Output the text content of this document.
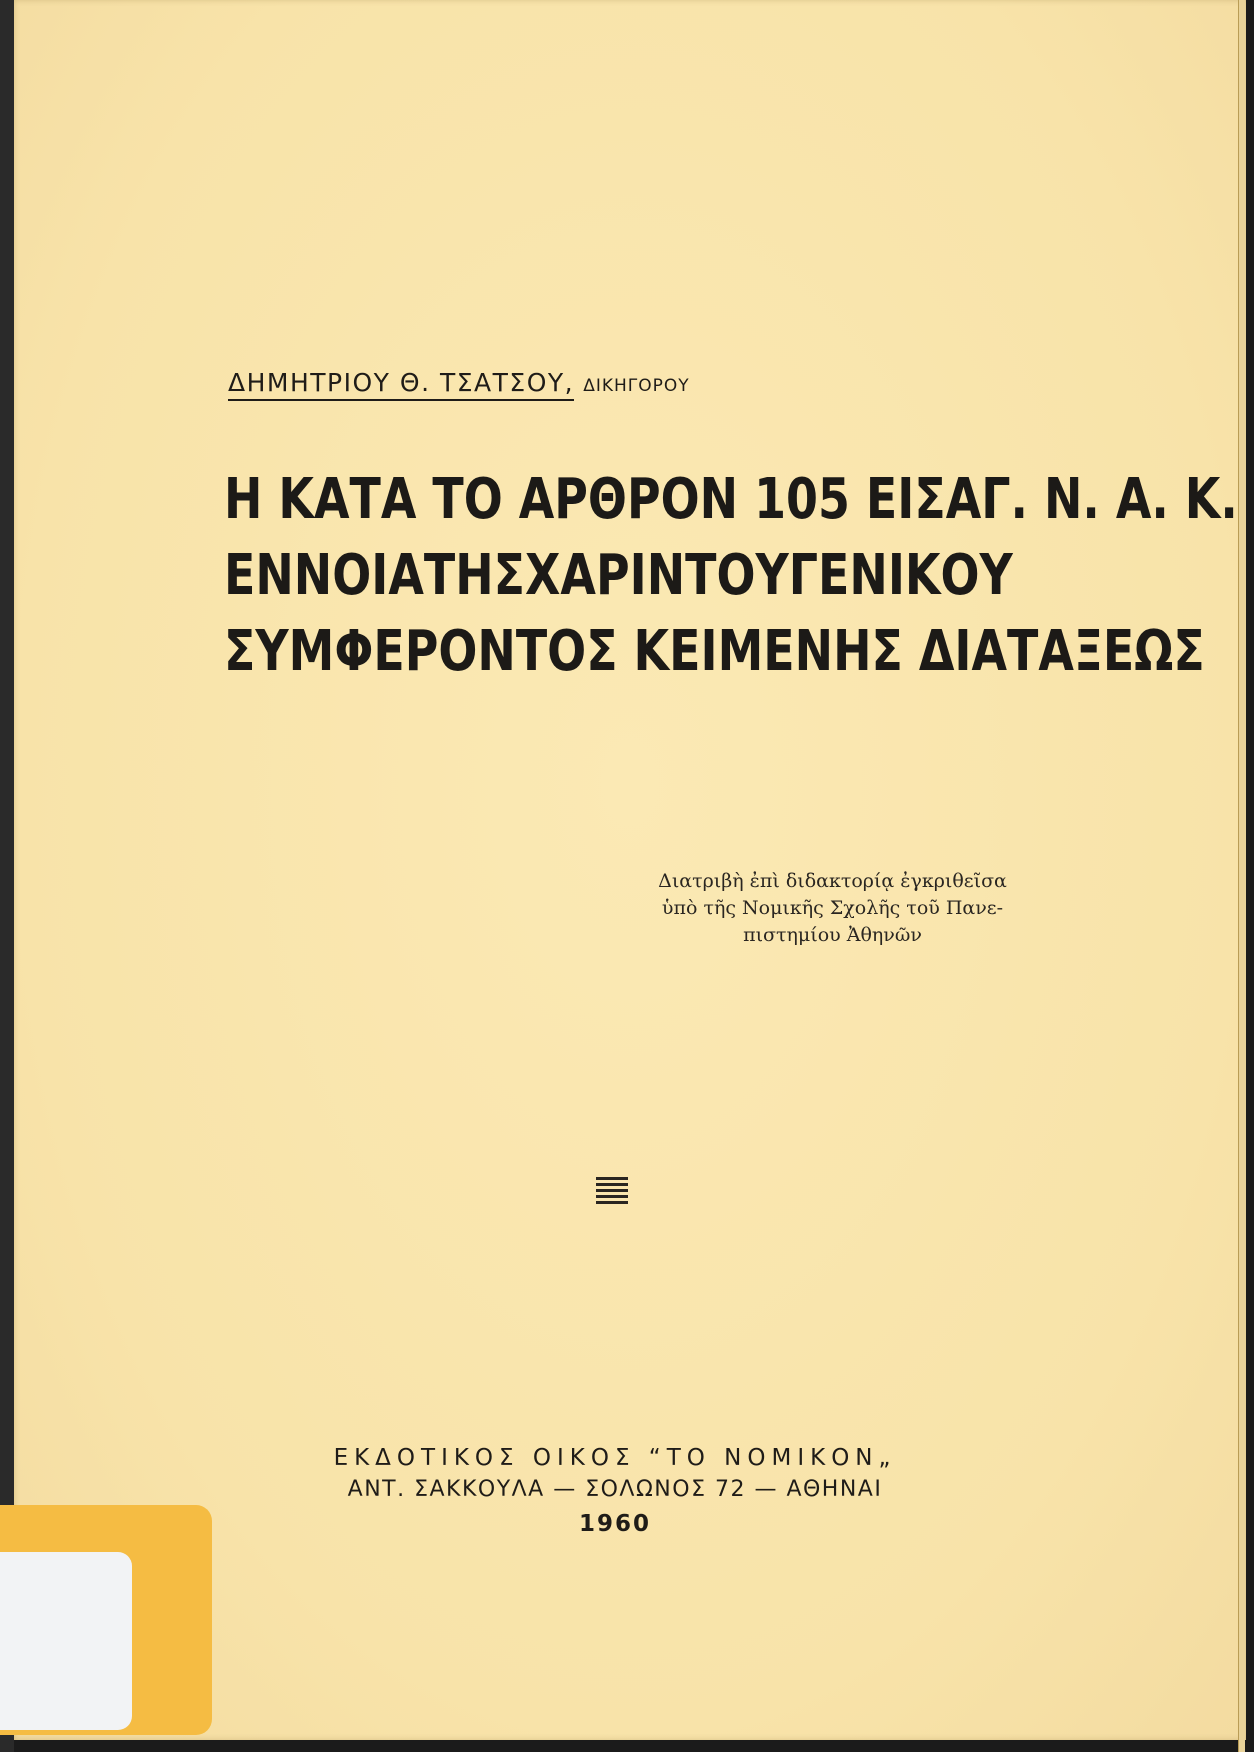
ΔΗΜΗΤΡΙΟΥ Θ. ΤΣΑΤΣΟΥ, ΔΙΚΗΓΟΡΟΥ
Η ΚΑΤΑ ΤΟ ΑΡΘΡΟΝ 105 ΕΙΣΑΓ. Ν. Α. Κ.
ΕΝΝΟΙΑ ΤΗΣ ΧΑΡΙΝ ΤΟΥ ΓΕΝΙΚΟΥ
ΣΥΜΦΕΡΟΝΤΟΣ ΚΕΙΜΕΝΗΣ ΔΙΑΤΑΞΕΩΣ
Διατριβὴ ἐπὶ διδακτορίᾳ ἐγκριθεῖσα
ὑπὸ τῆς Νομικῆς Σχολῆς τοῦ Πανε-
πιστημίου Ἀθηνῶν
ΕΚΔΟΤΙΚΟΣ ΟΙΚΟΣ “ΤΟ ΝΟΜΙΚΟΝ„
ΑΝΤ. ΣΑΚΚΟΥΛΑ — ΣΟΛΩΝΟΣ 72 — ΑΘΗΝΑΙ
1960
